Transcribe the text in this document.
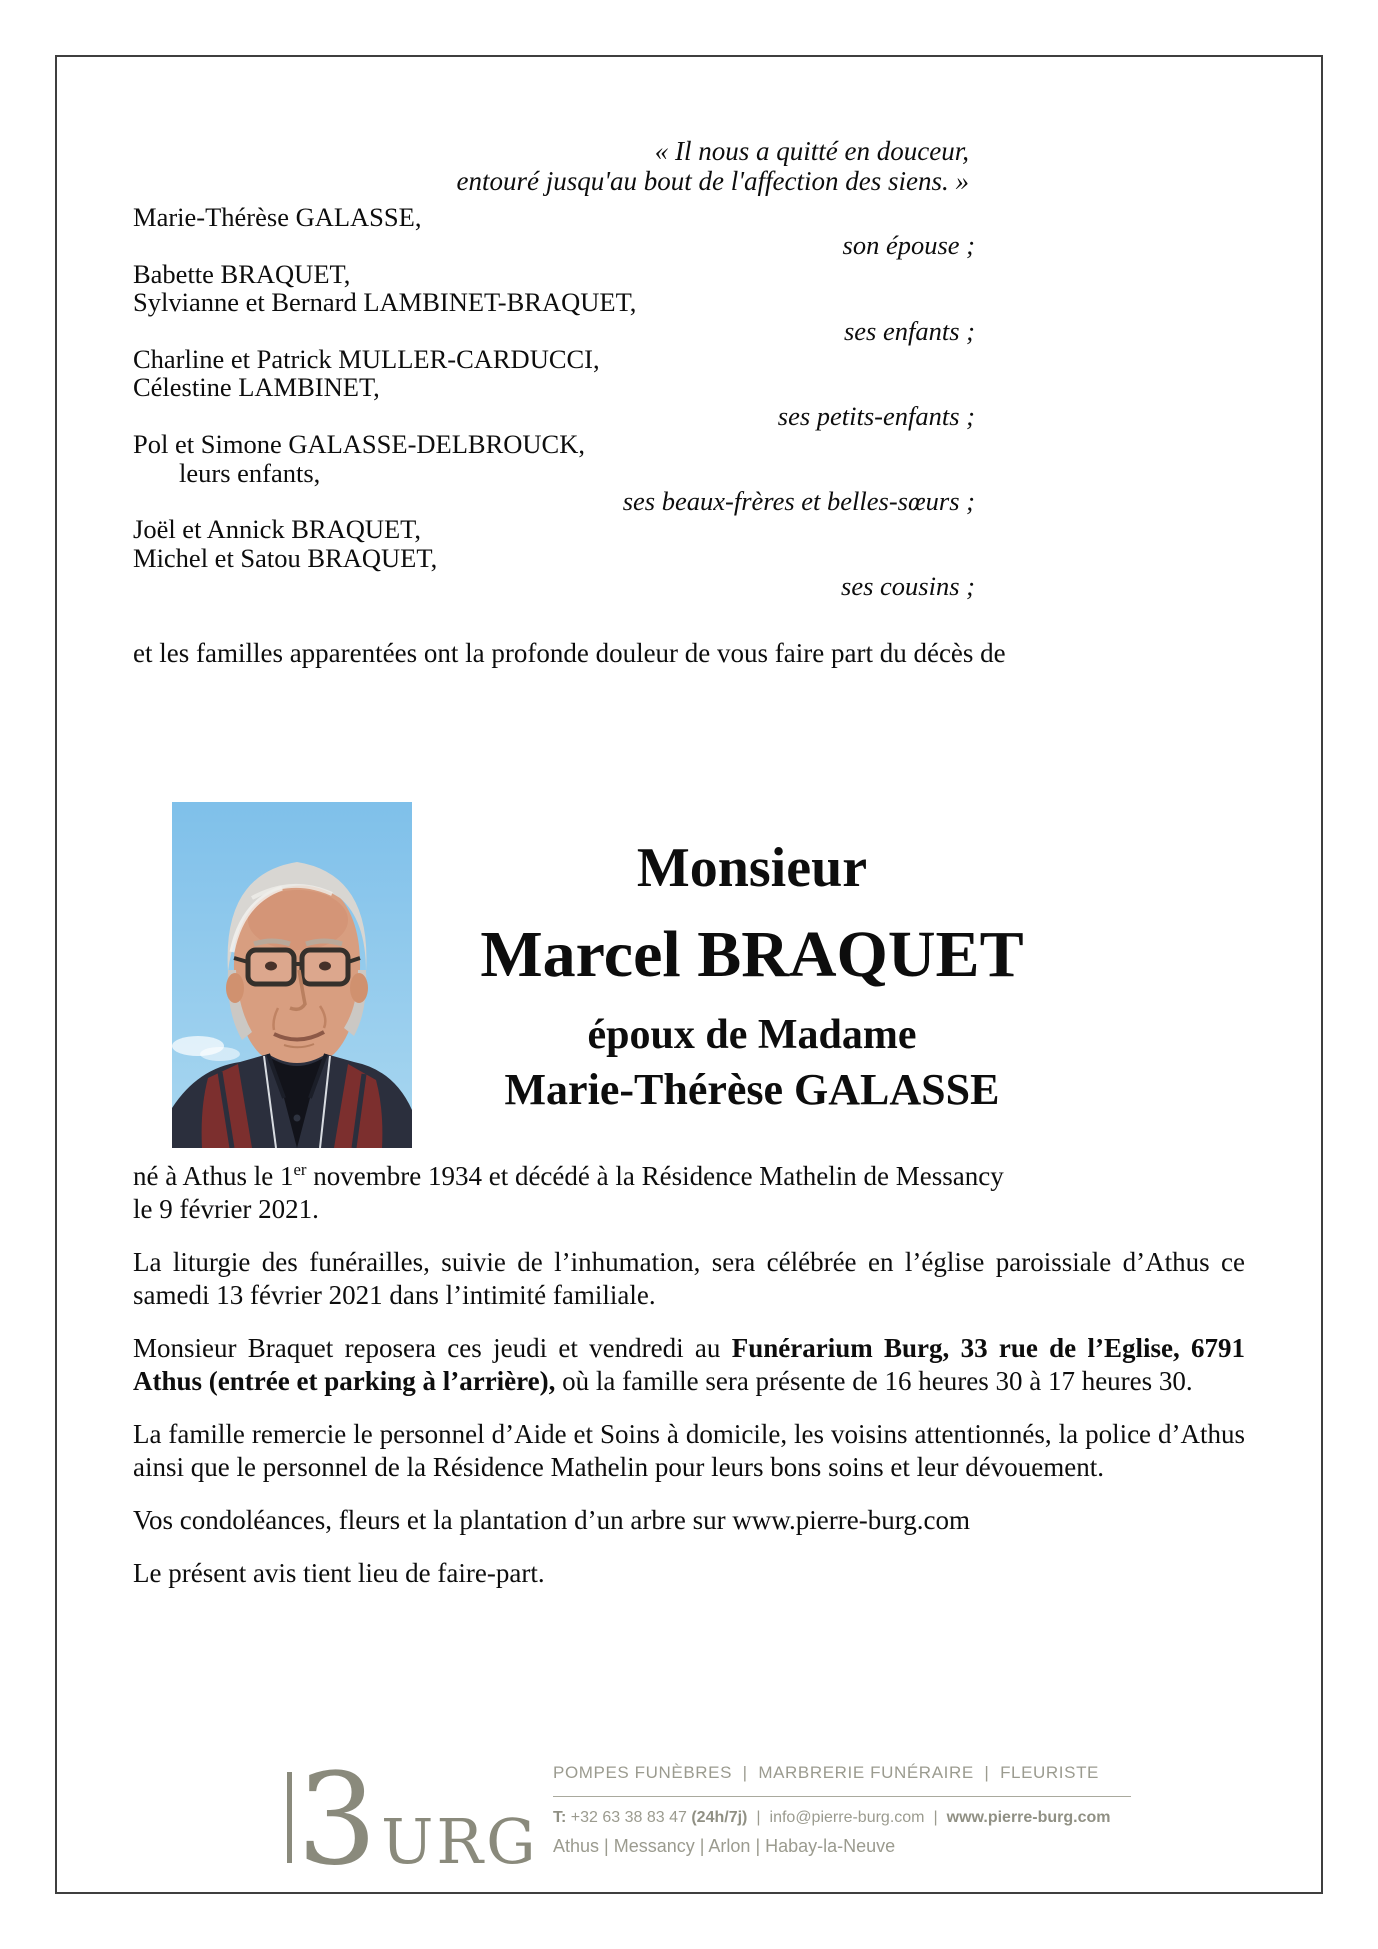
« Il nous a quitté en douceur,
entouré jusqu'au bout de l'affection des siens. »
Marie-Thérèse GALASSE,
son épouse ;
Babette BRAQUET,
Sylvianne et Bernard LAMBINET-BRAQUET,
ses enfants ;
Charline et Patrick MULLER-CARDUCCI,
Célestine LAMBINET,
ses petits-enfants ;
Pol et Simone GALASSE-DELBROUCK,
leurs enfants,
ses beaux-frères et belles-sœurs ;
Joël et Annick BRAQUET,
Michel et Satou BRAQUET,
ses cousins ;

et les familles apparentées ont la profonde douleur de vous faire part du décès de

Monsieur
Marcel BRAQUET
époux de Madame
Marie-Thérèse GALASSE

né à Athus le 1er novembre 1934 et décédé à la Résidence Mathelin de Messancy
le 9 février 2021.

La liturgie des funérailles, suivie de l’inhumation, sera célébrée en l’église paroissiale d’Athus ce samedi 13 février 2021 dans l’intimité familiale.

Monsieur Braquet reposera ces jeudi et vendredi au Funérarium Burg, 33 rue de l’Eglise, 6791 Athus (entrée et parking à l’arrière), où la famille sera présente de 16 heures 30 à 17 heures 30.

La famille remercie le personnel d’Aide et Soins à domicile, les voisins attentionnés, la police d’Athus ainsi que le personnel de la Résidence Mathelin pour leurs bons soins et leur dévouement.

Vos condoléances, fleurs et la plantation d’un arbre sur www.pierre-burg.com

Le présent avis tient lieu de faire-part.

3 URG
POMPES FUNÈBRES  |  MARBRERIE FUNÉRAIRE  |  FLEURISTE
T: +32 63 38 83 47 (24h/7j) | info@pierre-burg.com | www.pierre-burg.com
Athus | Messancy | Arlon | Habay-la-Neuve
